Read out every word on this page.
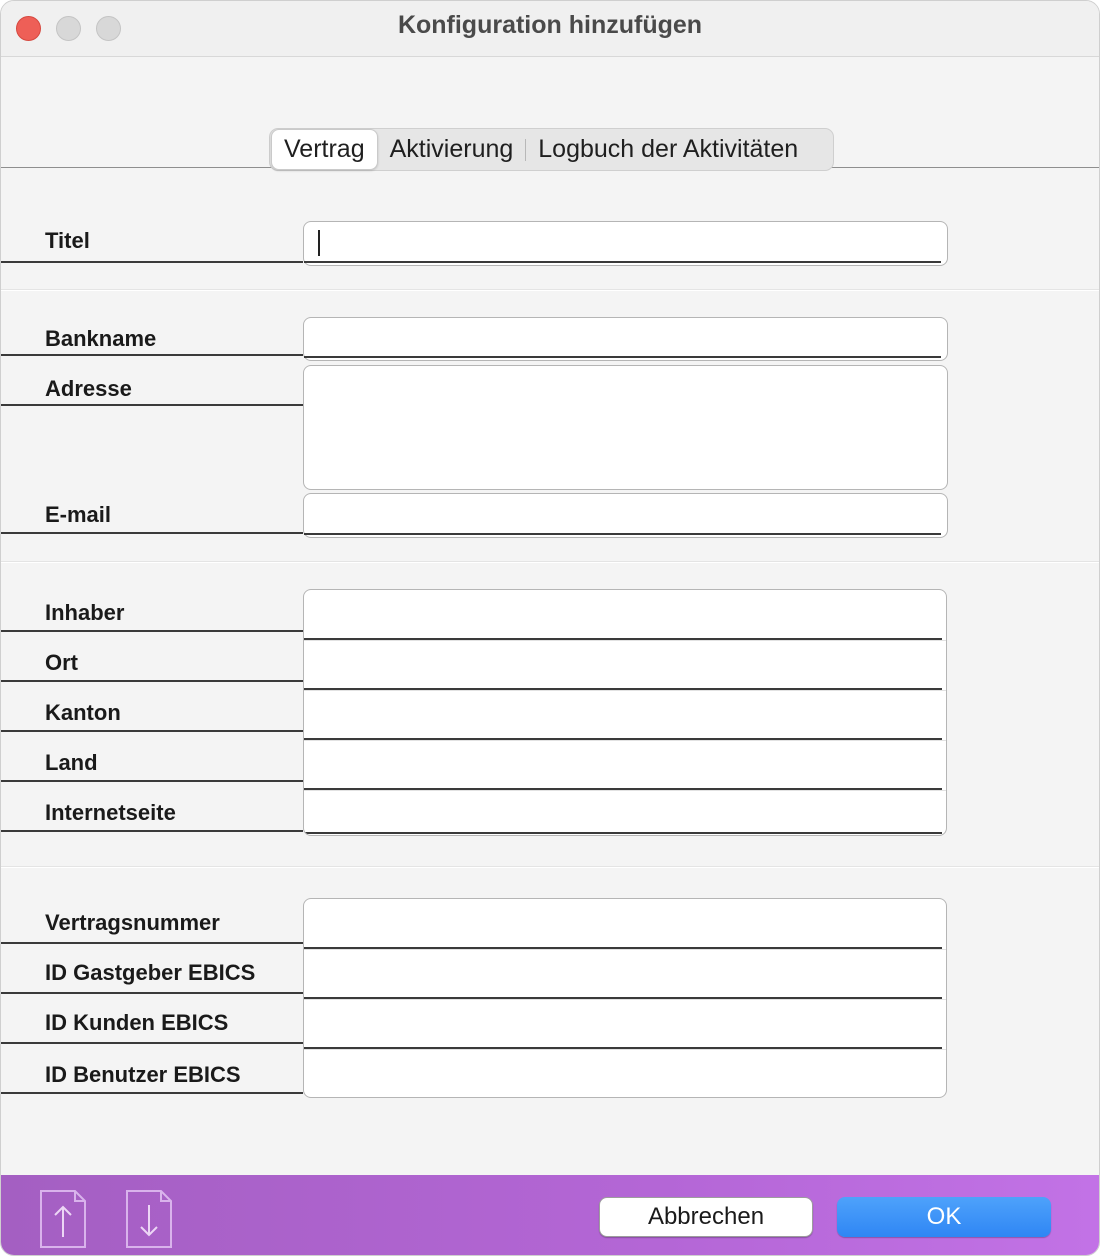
Konfiguration hinzufügen
Vertrag	Aktivierung	Logbuch der Aktivitäten
Titel
Bankname
Adresse
E-mail
Inhaber
Ort
Kanton
Land
Internetseite
Vertragsnummer
ID Gastgeber EBICS
ID Kunden EBICS
ID Benutzer EBICS
Abbrechen	OK
